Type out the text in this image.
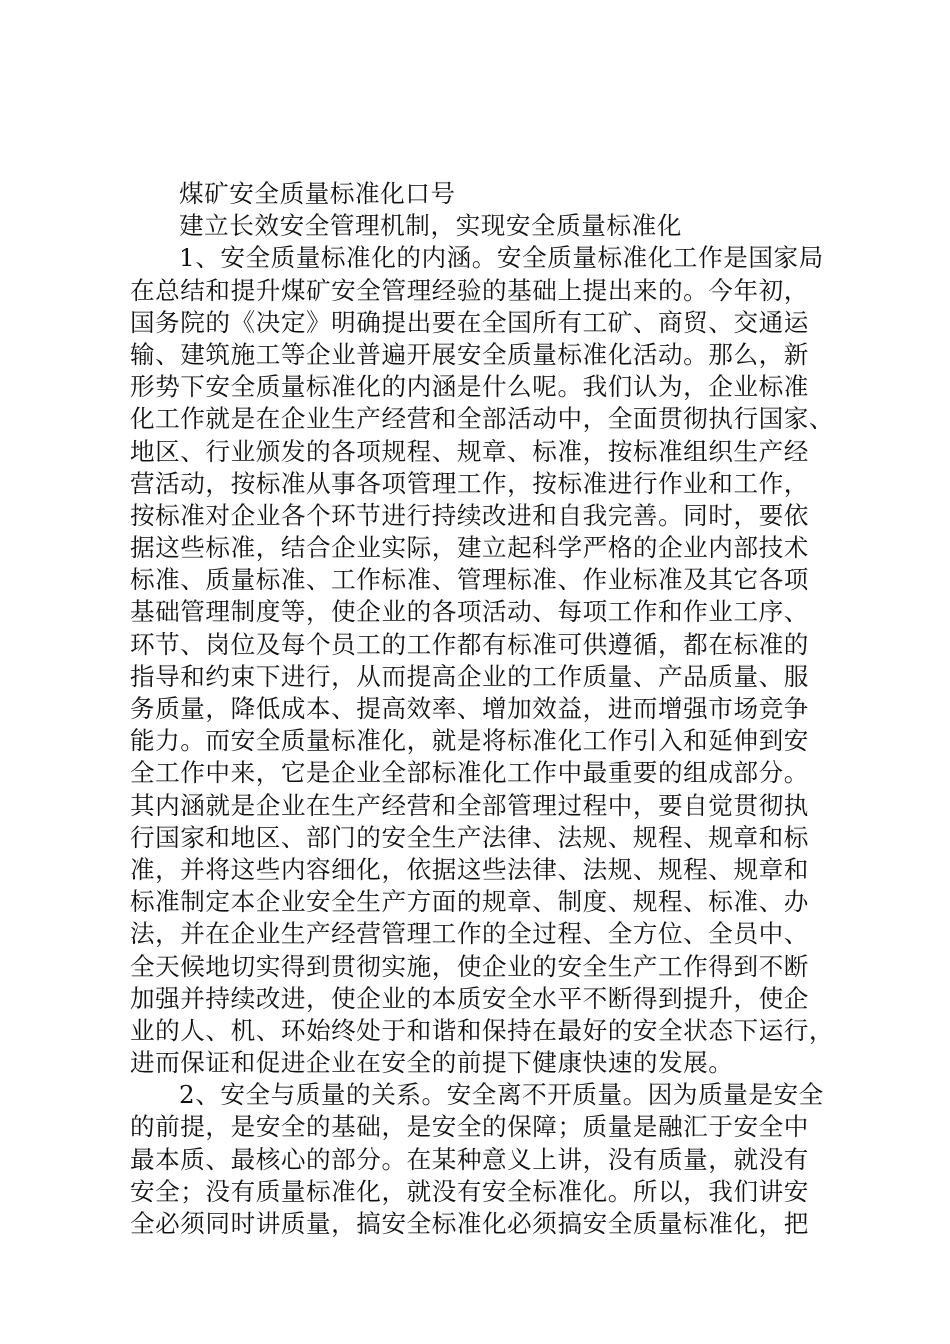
煤矿安全质量标准化口号
建立长效安全管理机制，实现安全质量标准化
1、安全质量标准化的内涵。安全质量标准化工作是国家局
在总结和提升煤矿安全管理经验的基础上提出来的。今年初，
国务院的《决定》明确提出要在全国所有工矿、商贸、交通运
输、建筑施工等企业普遍开展安全质量标准化活动。那么，新
形势下安全质量标准化的内涵是什么呢。我们认为，企业标准
化工作就是在企业生产经营和全部活动中，全面贯彻执行国家、
地区、行业颁发的各项规程、规章、标准，按标准组织生产经
营活动，按标准从事各项管理工作，按标准进行作业和工作，
按标准对企业各个环节进行持续改进和自我完善。同时，要依
据这些标准，结合企业实际，建立起科学严格的企业内部技术
标准、质量标准、工作标准、管理标准、作业标准及其它各项
基础管理制度等，使企业的各项活动、每项工作和作业工序、
环节、岗位及每个员工的工作都有标准可供遵循，都在标准的
指导和约束下进行，从而提高企业的工作质量、产品质量、服
务质量，降低成本、提高效率、增加效益，进而增强市场竞争
能力。而安全质量标准化，就是将标准化工作引入和延伸到安
全工作中来，它是企业全部标准化工作中最重要的组成部分。
其内涵就是企业在生产经营和全部管理过程中，要自觉贯彻执
行国家和地区、部门的安全生产法律、法规、规程、规章和标
准，并将这些内容细化，依据这些法律、法规、规程、规章和
标准制定本企业安全生产方面的规章、制度、规程、标准、办
法，并在企业生产经营管理工作的全过程、全方位、全员中、
全天候地切实得到贯彻实施，使企业的安全生产工作得到不断
加强并持续改进，使企业的本质安全水平不断得到提升，使企
业的人、机、环始终处于和谐和保持在最好的安全状态下运行，
进而保证和促进企业在安全的前提下健康快速的发展。
2、安全与质量的关系。安全离不开质量。因为质量是安全
的前提，是安全的基础，是安全的保障；质量是融汇于安全中
最本质、最核心的部分。在某种意义上讲，没有质量，就没有
安全；没有质量标准化，就没有安全标准化。所以，我们讲安
全必须同时讲质量，搞安全标准化必须搞安全质量标准化，把
